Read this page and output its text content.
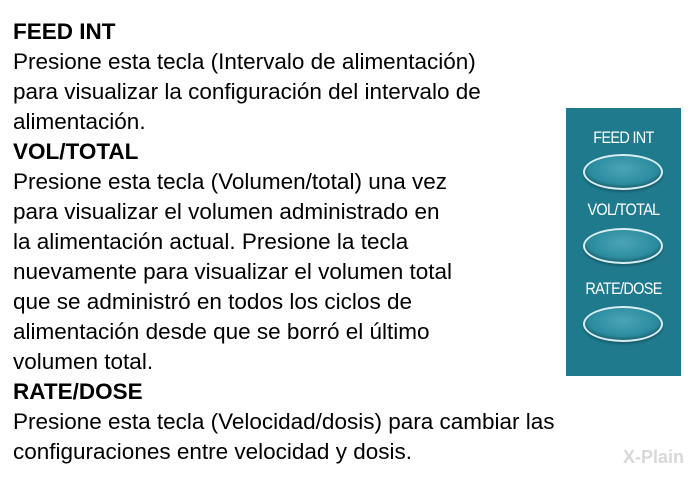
FEED INT

Presione esta tecla (Intervalo de alimentación)

para visualizar la configuración del intervalo de

alimentación.

VOL/TOTAL

Presione esta tecla (Volumen/total) una vez

para visualizar el volumen administrado en

la alimentación actual. Presione la tecla

nuevamente para visualizar el volumen total

que se administró en todos los ciclos de

alimentación desde que se borró el último

volumen total.

RATE/DOSE

Presione esta tecla (Velocidad/dosis) para cambiar las

configuraciones entre velocidad y dosis.

FEED INT
VOL/TOTAL
RATE/DOSE
X-Plain
